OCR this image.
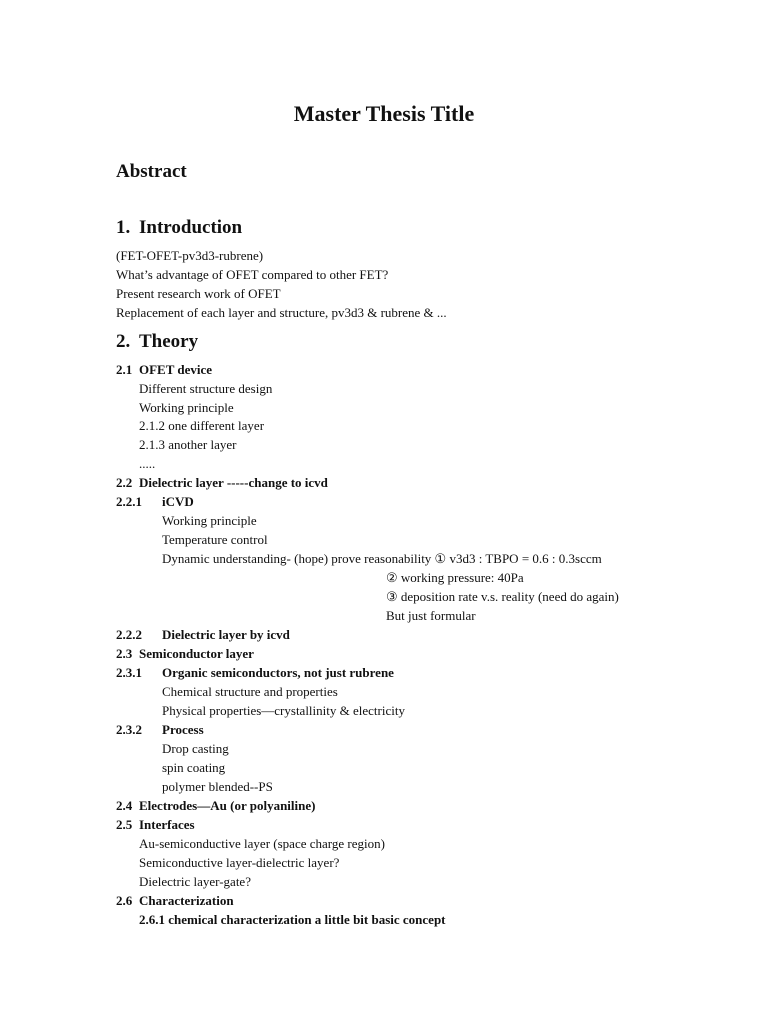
Master Thesis Title
Abstract
1. Introduction
(FET-OFET-pv3d3-rubrene)
What’s advantage of OFET compared to other FET?
Present research work of OFET
Replacement of each layer and structure, pv3d3 & rubrene & ...
2. Theory
2.1 OFET device
Different structure design
Working principle
2.1.2 one different layer
2.1.3 another layer
.....
2.2 Dielectric layer -----change to icvd
2.2.1 iCVD
Working principle
Temperature control
Dynamic understanding- (hope) prove reasonability ① v3d3 : TBPO = 0.6 : 0.3sccm
② working pressure: 40Pa
③ deposition rate v.s. reality (need do again)
But just formular
2.2.2 Dielectric layer by icvd
2.3 Semiconductor layer
2.3.1 Organic semiconductors, not just rubrene
Chemical structure and properties
Physical properties—crystallinity & electricity
2.3.2 Process
Drop casting
spin coating
polymer blended--PS
2.4 Electrodes—Au (or polyaniline)
2.5 Interfaces
Au-semiconductive layer (space charge region)
Semiconductive layer-dielectric layer?
Dielectric layer-gate?
2.6 Characterization
2.6.1 chemical characterization a little bit basic concept
